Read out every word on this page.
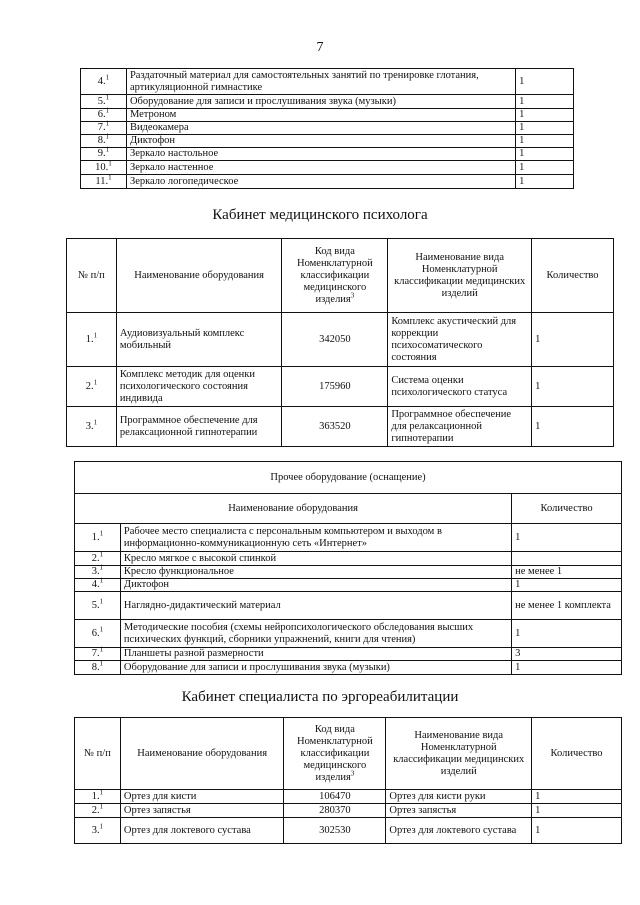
7
4.$^1$	Раздаточный материал для самостоятельных занятий по тренировке глотания, артикуляционной гимнастике	1
5.$^1$	Оборудование для записи и прослушивания звука (музыки)	1
6.$^1$	Метроном	1
7.$^1$	Видеокамера	1
8.$^1$	Диктофон	1
9.$^1$	Зеркало настольное	1
10.$^1$	Зеркало настенное	1
11.$^1$	Зеркало логопедическое	1
Кабинет медицинского психолога
№ п/п	Наименование оборудования	Код вида Номенклатурной классификации медицинского изделия$^3$	Наименование вида Номенклатурной классификации медицинских изделий	Количество
1.$^1$	Аудиовизуальный комплекс мобильный	342050	Комплекс акустический для коррекции психосоматического состояния	1
2.$^1$	Комплекс методик для оценки психологического состояния индивида	175960	Система оценки психологического статуса	1
3.$^1$	Программное обеспечение для релаксационной гипнотерапии	363520	Программное обеспечение для релаксационной гипнотерапии	1
Прочее оборудование (оснащение)		
Наименование оборудования		Количество
1.$^1$	Рабочее место специалиста с персональным компьютером и выходом в информационно-коммуникационную сеть «Интернет»	1
2.$^1$	Кресло мягкое с высокой спинкой	
3.$^1$	Кресло функциональное	не менее 1
4.$^1$	Диктофон	1
5.$^1$	Наглядно-дидактический материал	не менее 1 комплекта
6.$^1$	Методические пособия (схемы нейропсихологического обследования высших психических функций, сборники упражнений, книги для чтения)	1
7.$^1$	Планшеты разной размерности	3
8.$^1$	Оборудование для записи и прослушивания звука (музыки)	1
Кабинет специалиста по эргореабилитации
№ п/п	Наименование оборудования	Код вида Номенклатурной классификации медицинского изделия$^3$	Наименование вида Номенклатурной классификации медицинских изделий	Количество
1.$^1$	Ортез для кисти	106470	Ортез для кисти руки	1
2.$^1$	Ортез запястья	280370	Ортез запястья	1
3.$^1$	Ортез для локтевого сустава	302530	Ортез для локтевого сустава	1
